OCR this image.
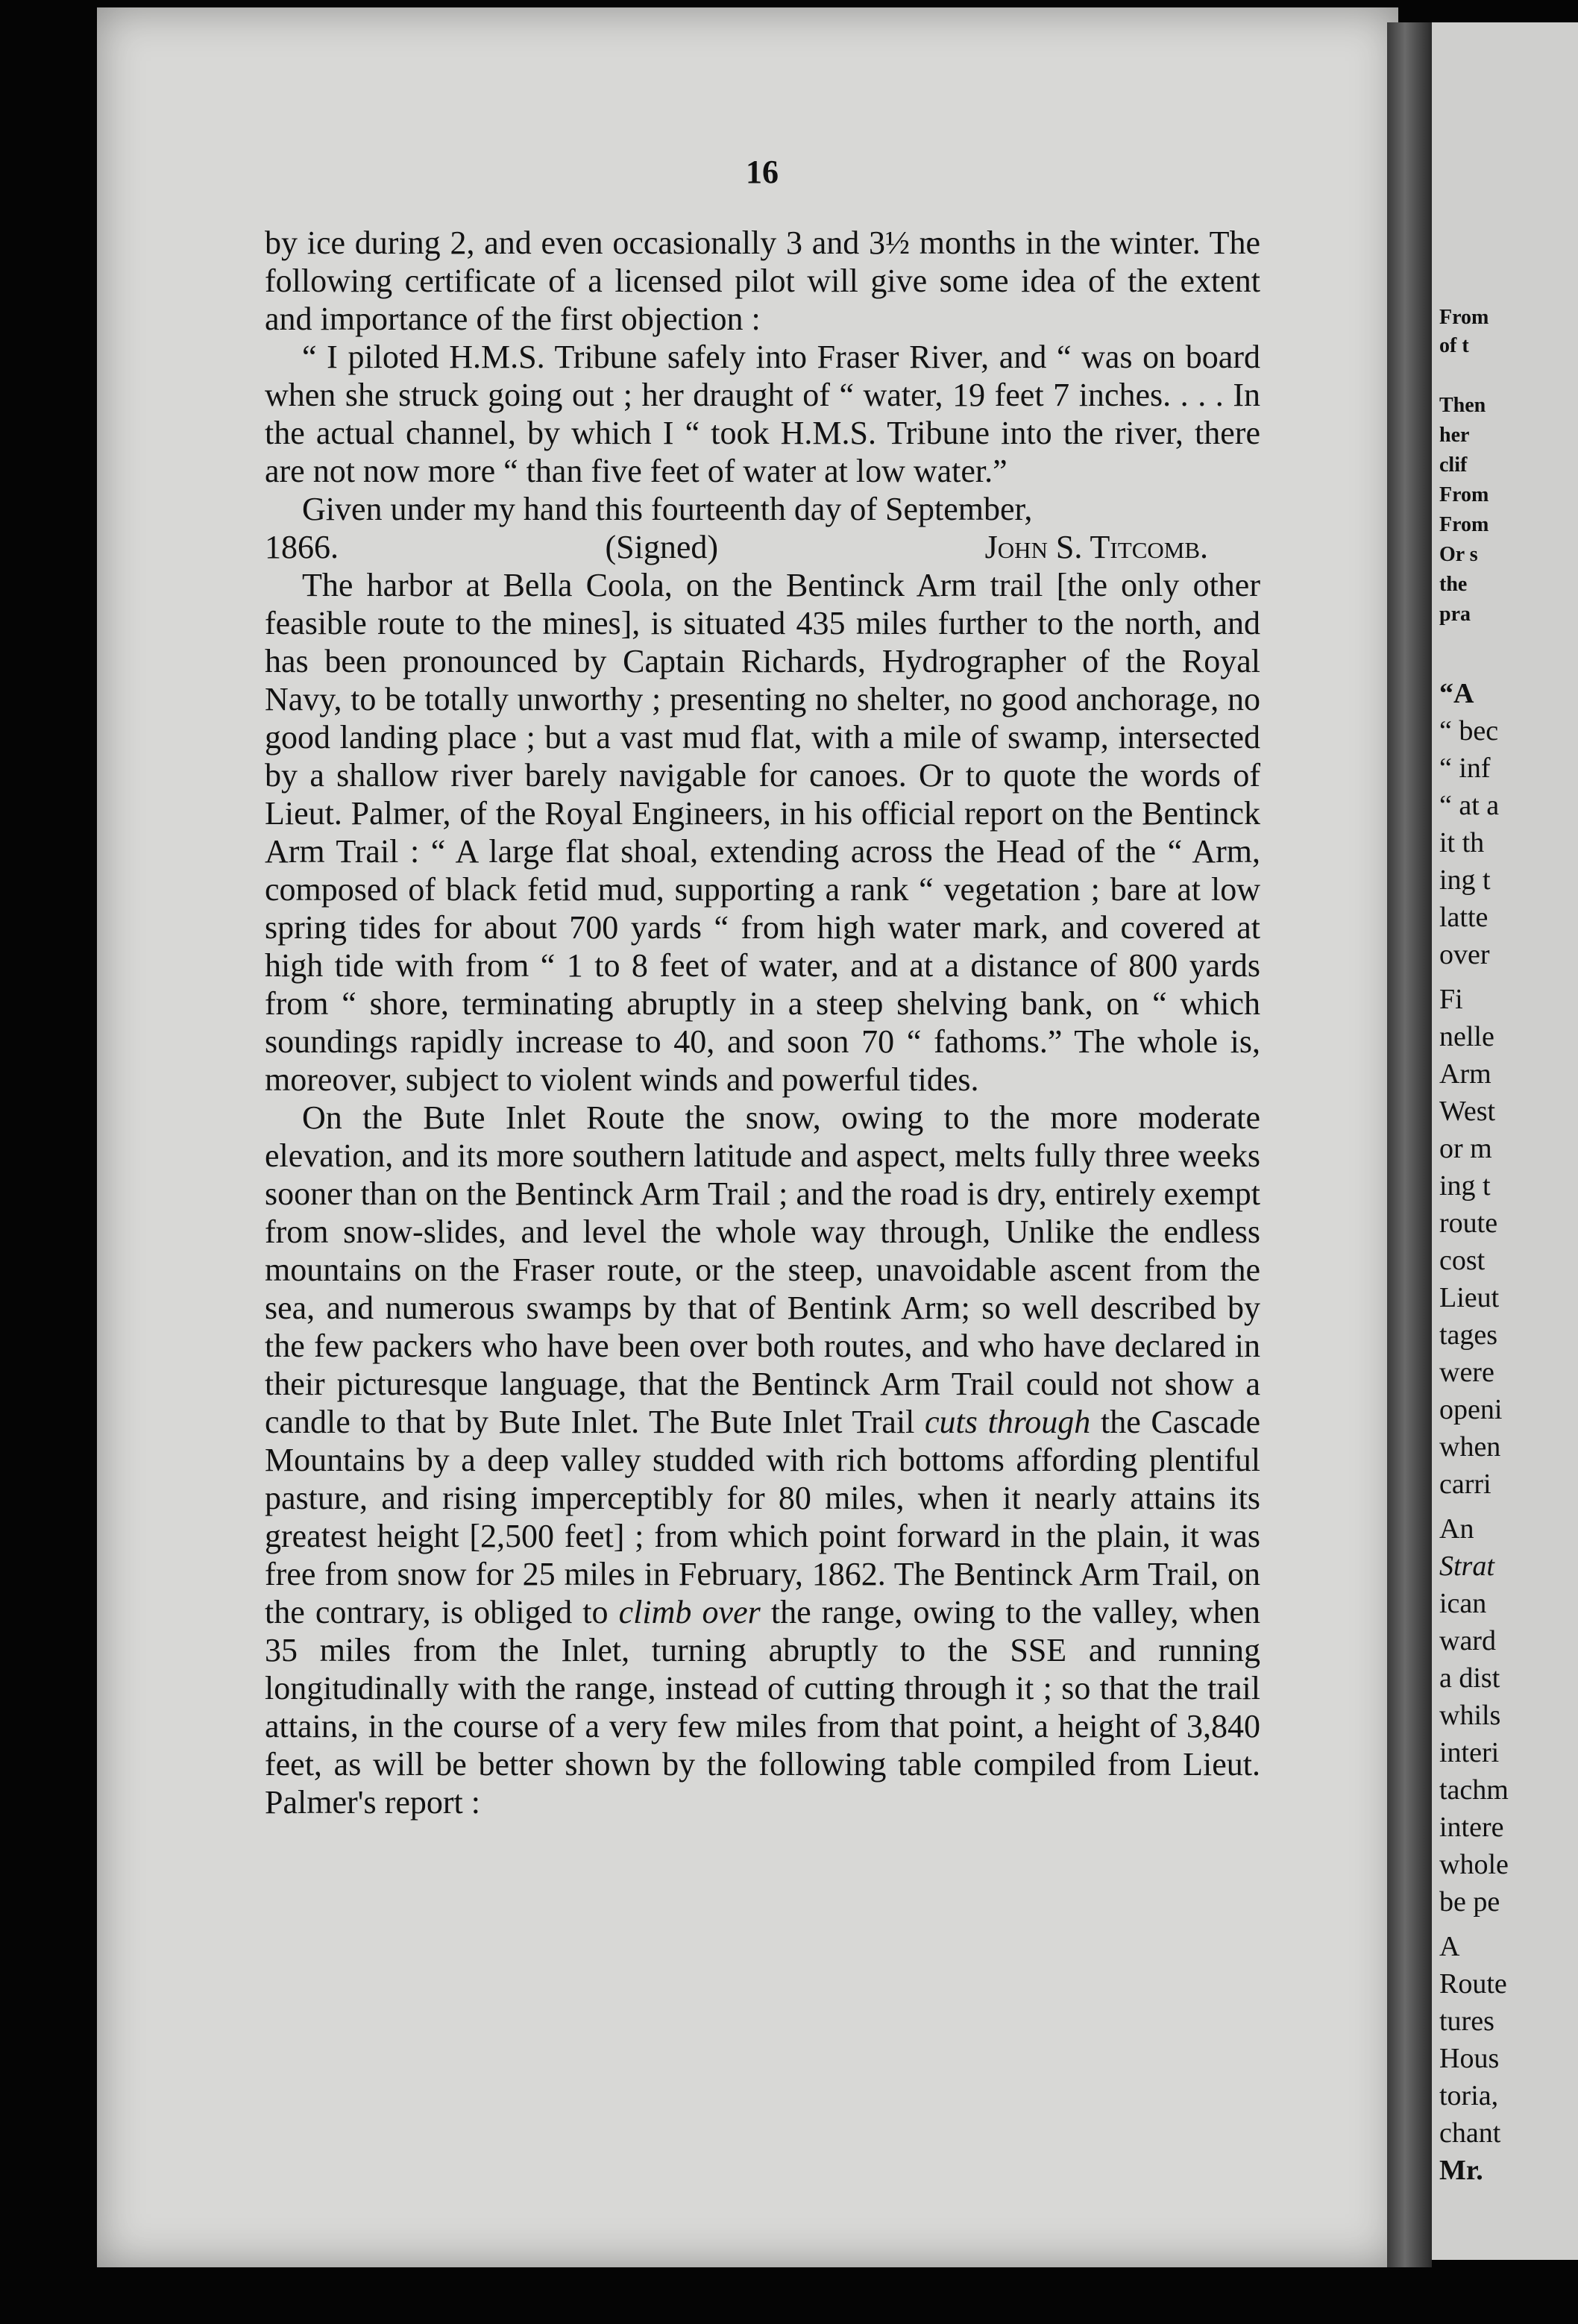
From
of t
Then
her
clif
From
From
Or s
the
pra
“A
“ bec
“ inf
“ at a
it th
ing t
latte
over
Fi
nelle
Arm
West
or m
ing t
route
cost
Lieut
tages
were
openi
when
carri
An
Strat
ican
ward
a dist
whils
interi
tachm
intere
whole
be pe
A
Route
tures
Hous
toria,
chant
Mr.
16

by ice during 2, and even occasionally 3 and 3½ months in the winter. The following certificate of a licensed pilot will give some idea of the extent and importance of the first objection :

“ I piloted H.M.S. Tribune safely into Fraser River, and “ was on board when she struck going out ; her draught of “ water, 19 feet 7 inches. . . . In the actual channel, by which I “ took H.M.S. Tribune into the river, there are not now more “ than five feet of water at low water.”

Given under my hand this fourteenth day of September,

1866.	(Signed)	John S. Titcomb.

The harbor at Bella Coola, on the Bentinck Arm trail [the only other feasible route to the mines], is situated 435 miles further to the north, and has been pronounced by Captain Richards, Hydrographer of the Royal Navy, to be totally unworthy ; presenting no shelter, no good anchorage, no good landing place ; but a vast mud flat, with a mile of swamp, intersected by a shallow river barely navigable for canoes. Or to quote the words of Lieut. Palmer, of the Royal Engineers, in his official report on the Bentinck Arm Trail : “ A large flat shoal, extending across the Head of the “ Arm, composed of black fetid mud, supporting a rank “ vegetation ; bare at low spring tides for about 700 yards “ from high water mark, and covered at high tide with from “ 1 to 8 feet of water, and at a distance of 800 yards from “ shore, terminating abruptly in a steep shelving bank, on “ which soundings rapidly increase to 40, and soon 70 “ fathoms.” The whole is, moreover, subject to violent winds and powerful tides.

On the Bute Inlet Route the snow, owing to the more moderate elevation, and its more southern latitude and aspect, melts fully three weeks sooner than on the Bentinck Arm Trail ; and the road is dry, entirely exempt from snow-slides, and level the whole way through, Unlike the endless mountains on the Fraser route, or the steep, unavoidable ascent from the sea, and numerous swamps by that of Bentink Arm; so well described by the few packers who have been over both routes, and who have declared in their picturesque language, that the Bentinck Arm Trail could not show a candle to that by Bute Inlet. The Bute Inlet Trail cuts through the Cascade Mountains by a deep valley studded with rich bottoms affording plentiful pasture, and rising imperceptibly for 80 miles, when it nearly attains its greatest height [2,500 feet] ; from which point forward in the plain, it was free from snow for 25 miles in February, 1862. The Bentinck Arm Trail, on the contrary, is obliged to climb over the range, owing to the valley, when 35 miles from the Inlet, turning abruptly to the SSE and running longitudinally with the range, instead of cutting through it ; so that the trail attains, in the course of a very few miles from that point, a height of 3,840 feet, as will be better shown by the following table compiled from Lieut. Palmer's report :
